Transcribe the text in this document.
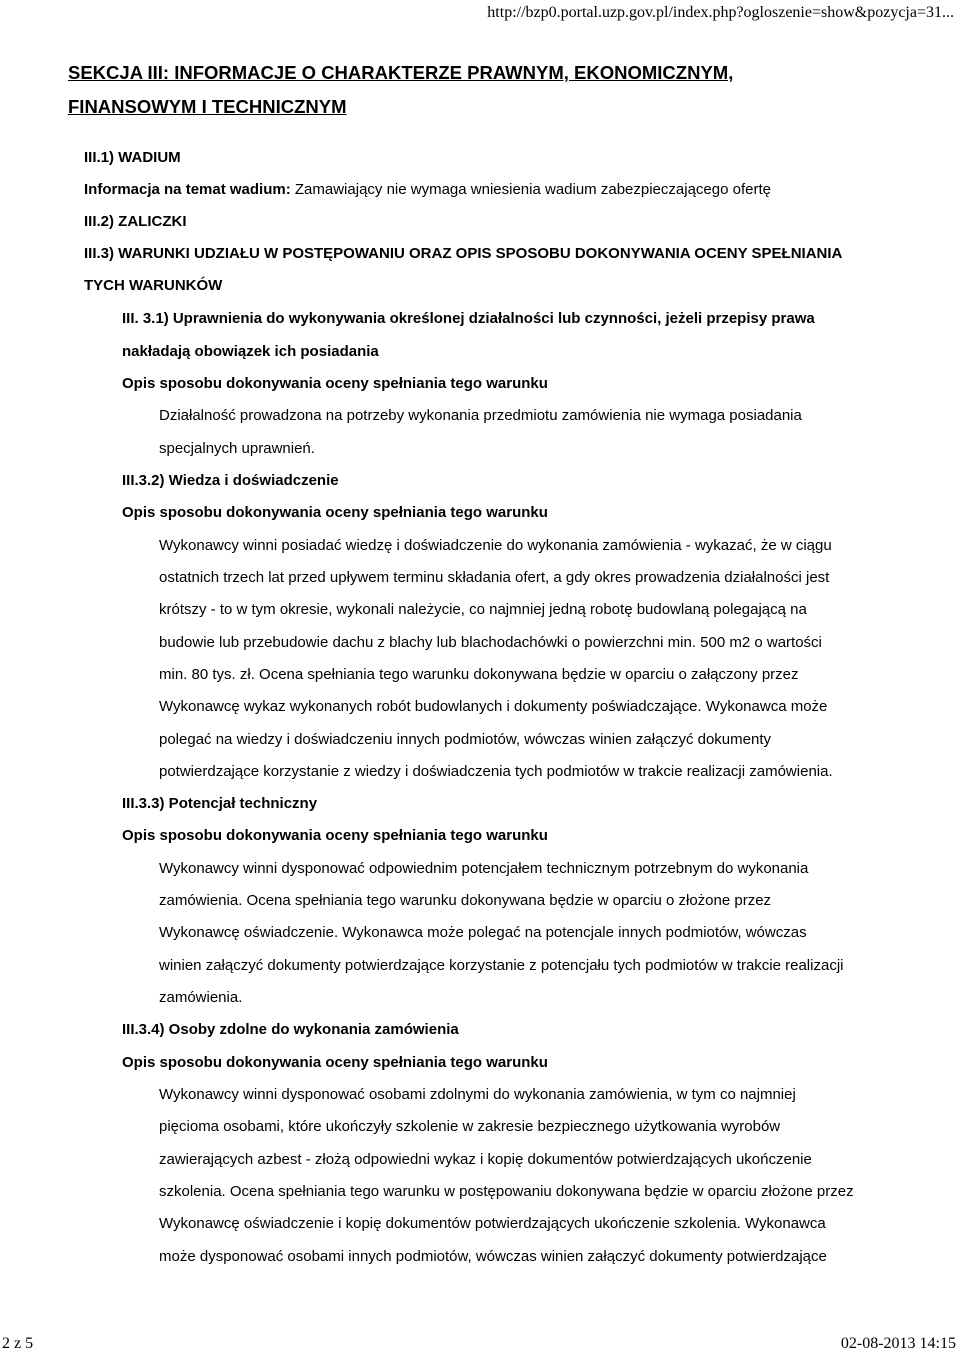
http://bzp0.portal.uzp.gov.pl/index.php?ogloszenie=show&pozycja=31...
SEKCJA III: INFORMACJE O CHARAKTERZE PRAWNYM, EKONOMICZNYM,
FINANSOWYM I TECHNICZNYM
III.1) WADIUM
Informacja na temat wadium: Zamawiający nie wymaga wniesienia wadium zabezpieczającego ofertę
III.2) ZALICZKI
III.3) WARUNKI UDZIAŁU W POSTĘPOWANIU ORAZ OPIS SPOSOBU DOKONYWANIA OCENY SPEŁNIANIA
TYCH WARUNKÓW
III. 3.1) Uprawnienia do wykonywania określonej działalności lub czynności, jeżeli przepisy prawa
nakładają obowiązek ich posiadania
Opis sposobu dokonywania oceny spełniania tego warunku
Działalność prowadzona na potrzeby wykonania przedmiotu zamówienia nie wymaga posiadania
specjalnych uprawnień.
III.3.2) Wiedza i doświadczenie
Opis sposobu dokonywania oceny spełniania tego warunku
Wykonawcy winni posiadać wiedzę i doświadczenie do wykonania zamówienia - wykazać, że w ciągu
ostatnich trzech lat przed upływem terminu składania ofert, a gdy okres prowadzenia działalności jest
krótszy - to w tym okresie, wykonali należycie, co najmniej jedną robotę budowlaną polegającą na
budowie lub przebudowie dachu z blachy lub blachodachówki o powierzchni min. 500 m2 o wartości
min. 80 tys. zł. Ocena spełniania tego warunku dokonywana będzie w oparciu o załączony przez
Wykonawcę wykaz wykonanych robót budowlanych i dokumenty poświadczające. Wykonawca może
polegać na wiedzy i doświadczeniu innych podmiotów, wówczas winien załączyć dokumenty
potwierdzające korzystanie z wiedzy i doświadczenia tych podmiotów w trakcie realizacji zamówienia.
III.3.3) Potencjał techniczny
Opis sposobu dokonywania oceny spełniania tego warunku
Wykonawcy winni dysponować odpowiednim potencjałem technicznym potrzebnym do wykonania
zamówienia. Ocena spełniania tego warunku dokonywana będzie w oparciu o złożone przez
Wykonawcę oświadczenie. Wykonawca może polegać na potencjale innych podmiotów, wówczas
winien załączyć dokumenty potwierdzające korzystanie z potencjału tych podmiotów w trakcie realizacji
zamówienia.
III.3.4) Osoby zdolne do wykonania zamówienia
Opis sposobu dokonywania oceny spełniania tego warunku
Wykonawcy winni dysponować osobami zdolnymi do wykonania zamówienia, w tym co najmniej
pięcioma osobami, które ukończyły szkolenie w zakresie bezpiecznego użytkowania wyrobów
zawierających azbest - złożą odpowiedni wykaz i kopię dokumentów potwierdzających ukończenie
szkolenia. Ocena spełniania tego warunku w postępowaniu dokonywana będzie w oparciu złożone przez
Wykonawcę oświadczenie i kopię dokumentów potwierdzających ukończenie szkolenia. Wykonawca
może dysponować osobami innych podmiotów, wówczas winien załączyć dokumenty potwierdzające
2 z 5	02-08-2013 14:15
